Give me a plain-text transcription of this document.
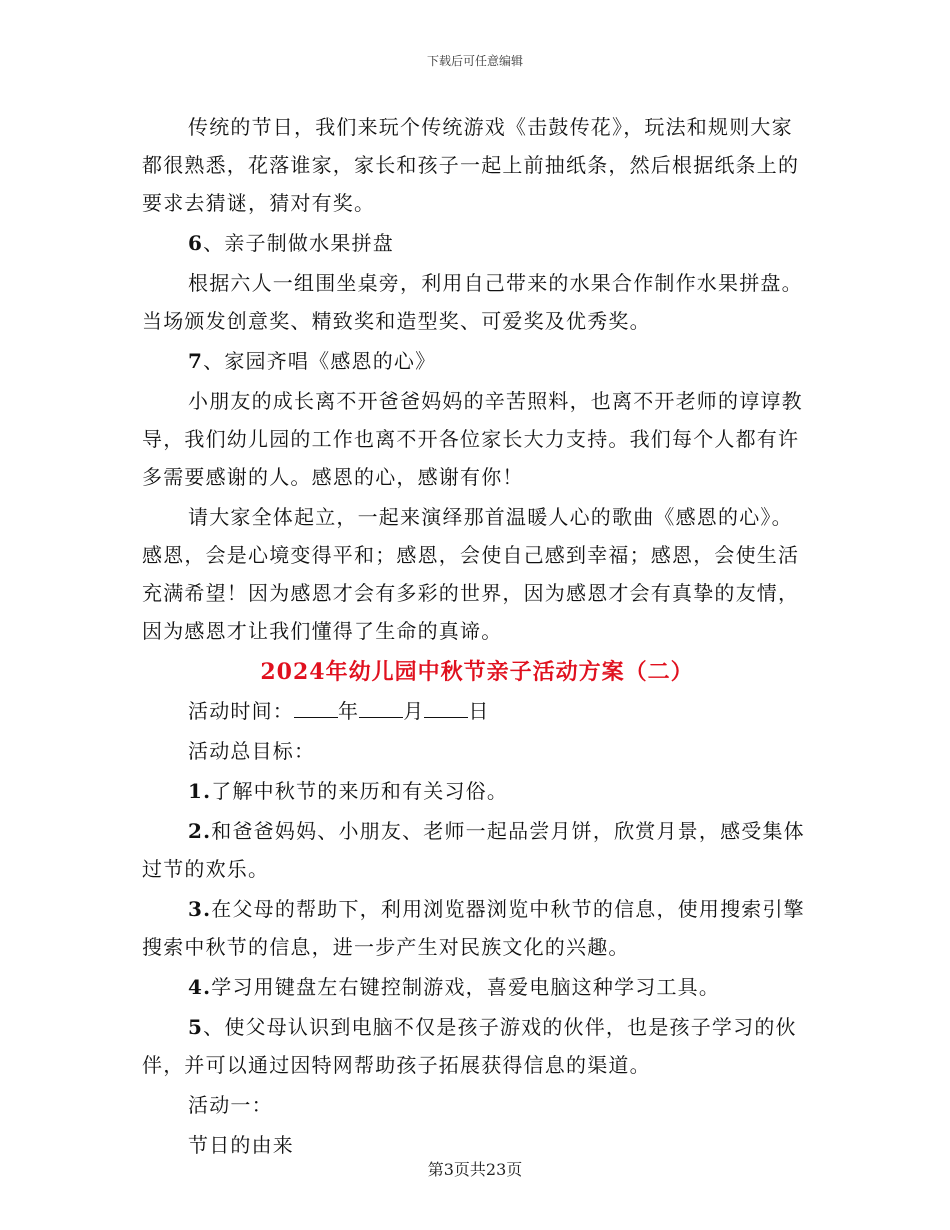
下载后可任意编辑

传统的节日，我们来玩个传统游戏《击鼓传花》，玩法和规则大家都很熟悉，花落谁家，家长和孩子一起上前抽纸条，然后根据纸条上的要求去猜谜，猜对有奖。

6、亲子制做水果拼盘

根据六人一组围坐桌旁，利用自己带来的水果合作制作水果拼盘。当场颁发创意奖、精致奖和造型奖、可爱奖及优秀奖。

7、家园齐唱《感恩的心》

小朋友的成长离不开爸爸妈妈的辛苦照料，也离不开老师的谆谆教导，我们幼儿园的工作也离不开各位家长大力支持。我们每个人都有许多需要感谢的人。感恩的心，感谢有你！

请大家全体起立，一起来演绎那首温暖人心的歌曲《感恩的心》。感恩，会是心境变得平和；感恩，会使自己感到幸福；感恩，会使生活充满希望！因为感恩才会有多彩的世界，因为感恩才会有真挚的友情，因为感恩才让我们懂得了生命的真谛。

2024年幼儿园中秋节亲子活动方案（二）

活动时间： 年 月 日

活动总目标：

1.了解中秋节的来历和有关习俗。

2.和爸爸妈妈、小朋友、老师一起品尝月饼，欣赏月景，感受集体过节的欢乐。

3.在父母的帮助下，利用浏览器浏览中秋节的信息，使用搜索引擎搜索中秋节的信息，进一步产生对民族文化的兴趣。

4.学习用键盘左右键控制游戏，喜爱电脑这种学习工具。

5、使父母认识到电脑不仅是孩子游戏的伙伴，也是孩子学习的伙伴，并可以通过因特网帮助孩子拓展获得信息的渠道。

活动一：

节日的由来

第3页共23页
